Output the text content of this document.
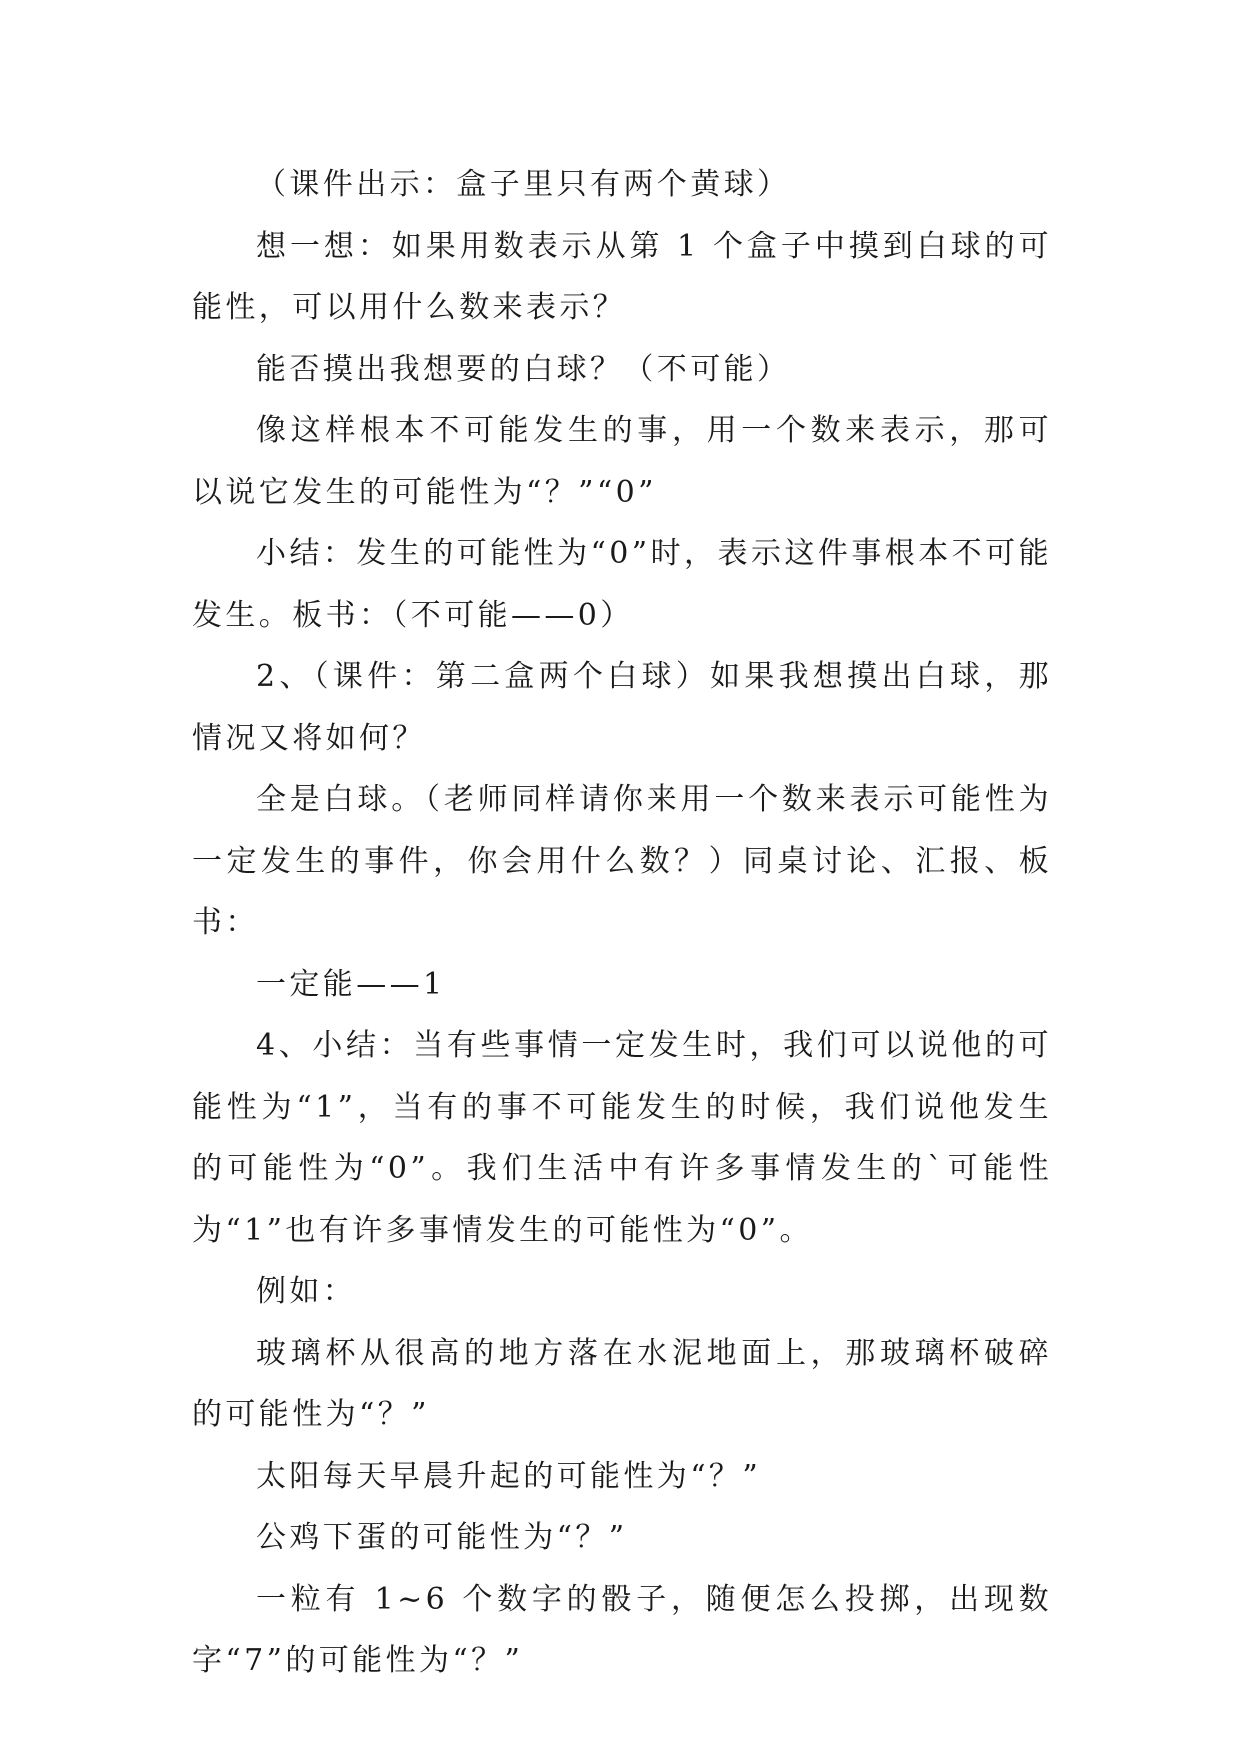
（课件出示：盒子里只有两个黄球）

想一想：如果用数表示从第 1 个盒子中摸到白球的可能性，可以用什么数来表示？

能否摸出我想要的白球？（不可能）

像这样根本不可能发生的事，用一个数来表示，那可以说它发生的可能性为“？”“0”

小结：发生的可能性为“0”时，表示这件事根本不可能发生。板书：（不可能——0）

2、（课件：第二盒两个白球）如果我想摸出白球，那情况又将如何？

全是白球。（老师同样请你来用一个数来表示可能性为一定发生的事件，你会用什么数？）同桌讨论、汇报、板书：

一定能——1

4、小结：当有些事情一定发生时，我们可以说他的可能性为“1”，当有的事不可能发生的时候，我们说他发生的可能性为“0”。我们生活中有许多事情发生的`可能性为“1”也有许多事情发生的可能性为“0”。

例如：

玻璃杯从很高的地方落在水泥地面上，那玻璃杯破碎的可能性为“？”

太阳每天早晨升起的可能性为“？”

公鸡下蛋的可能性为“？”

一粒有 1~6 个数字的骰子，随便怎么投掷，出现数字“7”的可能性为“？”
